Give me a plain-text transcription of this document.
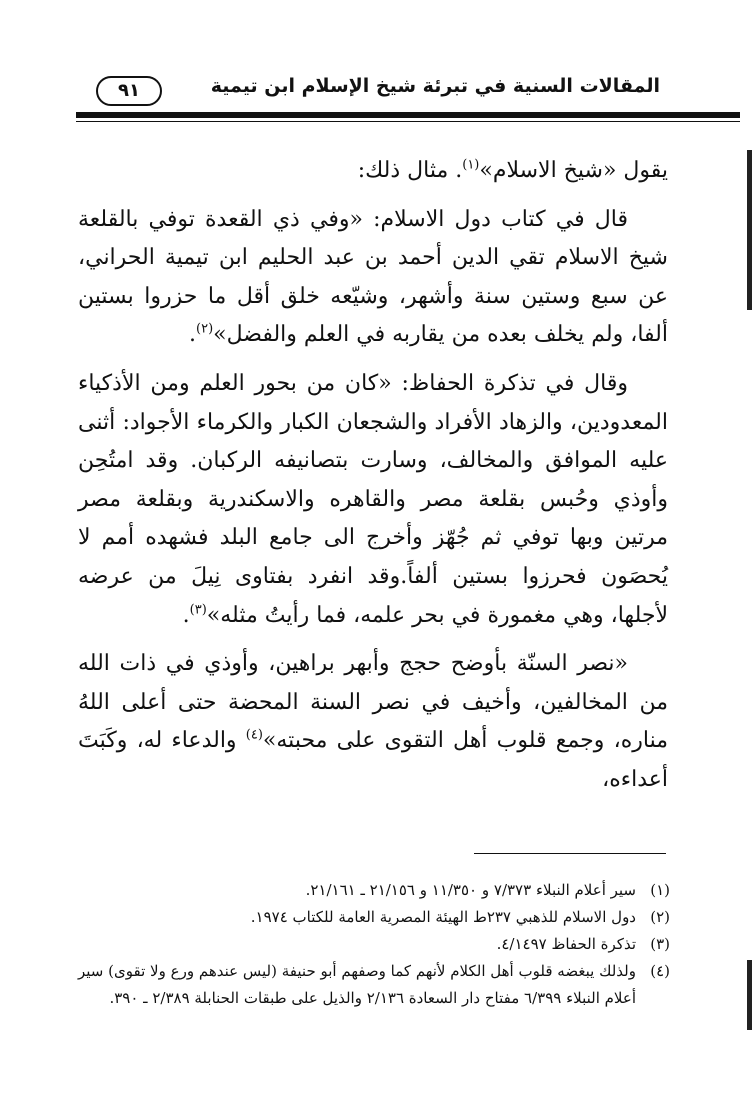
المقالات السنية في تبرئة شيخ الإسلام ابن تيمية
٩١

يقول «شيخ الاسلام»$^{(١)}$. مثال ذلك:

قال في كتاب دول الاسلام: «وفي ذي القعدة توفي بالقلعة شيخ الاسلام تقي الدين أحمد بن عبد الحليم ابن تيمية الحراني، عن سبع وستين سنة وأشهر، وشيّعه خلق أقل ما حزروا بستين ألفا، ولم يخلف بعده من يقاربه في العلم والفضل»$^{(٢)}$.

وقال في تذكرة الحفاظ: «كان من بحور العلم ومن الأذكياء المعدودين، والزهاد الأفراد والشجعان الكبار والكرماء الأجواد: أثنى عليه الموافق والمخالف، وسارت بتصانيفه الركبان. وقد امتُحِن وأوذي وحُبس بقلعة مصر والقاهره والاسكندرية وبقلعة مصر مرتين وبها توفي ثم جُهّز وأخرج الى جامع البلد فشهده أمم لا يُحصَون فحرزوا بستين ألفاً.وقد انفرد بفتاوى نِيلَ من عرضه لأجلها، وهي مغمورة في بحر علمه، فما رأيتُ مثله»$^{(٣)}$.

«نصر السنّة بأوضح حجج وأبهر براهين، وأوذي في ذات الله من المخالفين، وأخيف في نصر السنة المحضة حتى أعلى اللهُ مناره، وجمع قلوب أهل التقوى على محبته»$^{(٤)}$ والدعاء له، وكَبَتَ أعداءه،

(١)
سير أعلام النبلاء ٧/٣٧٣ و ١١/٣٥٠ و ٢١/١٥٦ ـ ٢١/١٦١.
(٢)
دول الاسلام للذهبي ٢٣٧ط الهيئة المصرية العامة للكتاب ١٩٧٤.
(٣)
تذكرة الحفاظ ٤/١٤٩٧.
(٤)
ولذلك يبغضه قلوب أهل الكلام لأنهم كما وصفهم أبو حنيفة (ليس عندهم ورع ولا تقوى) سير أعلام النبلاء ٦/٣٩٩ مفتاح دار السعادة ٢/١٣٦ والذيل على طبقات الحنابلة ٢/٣٨٩ ـ ٣٩٠.
